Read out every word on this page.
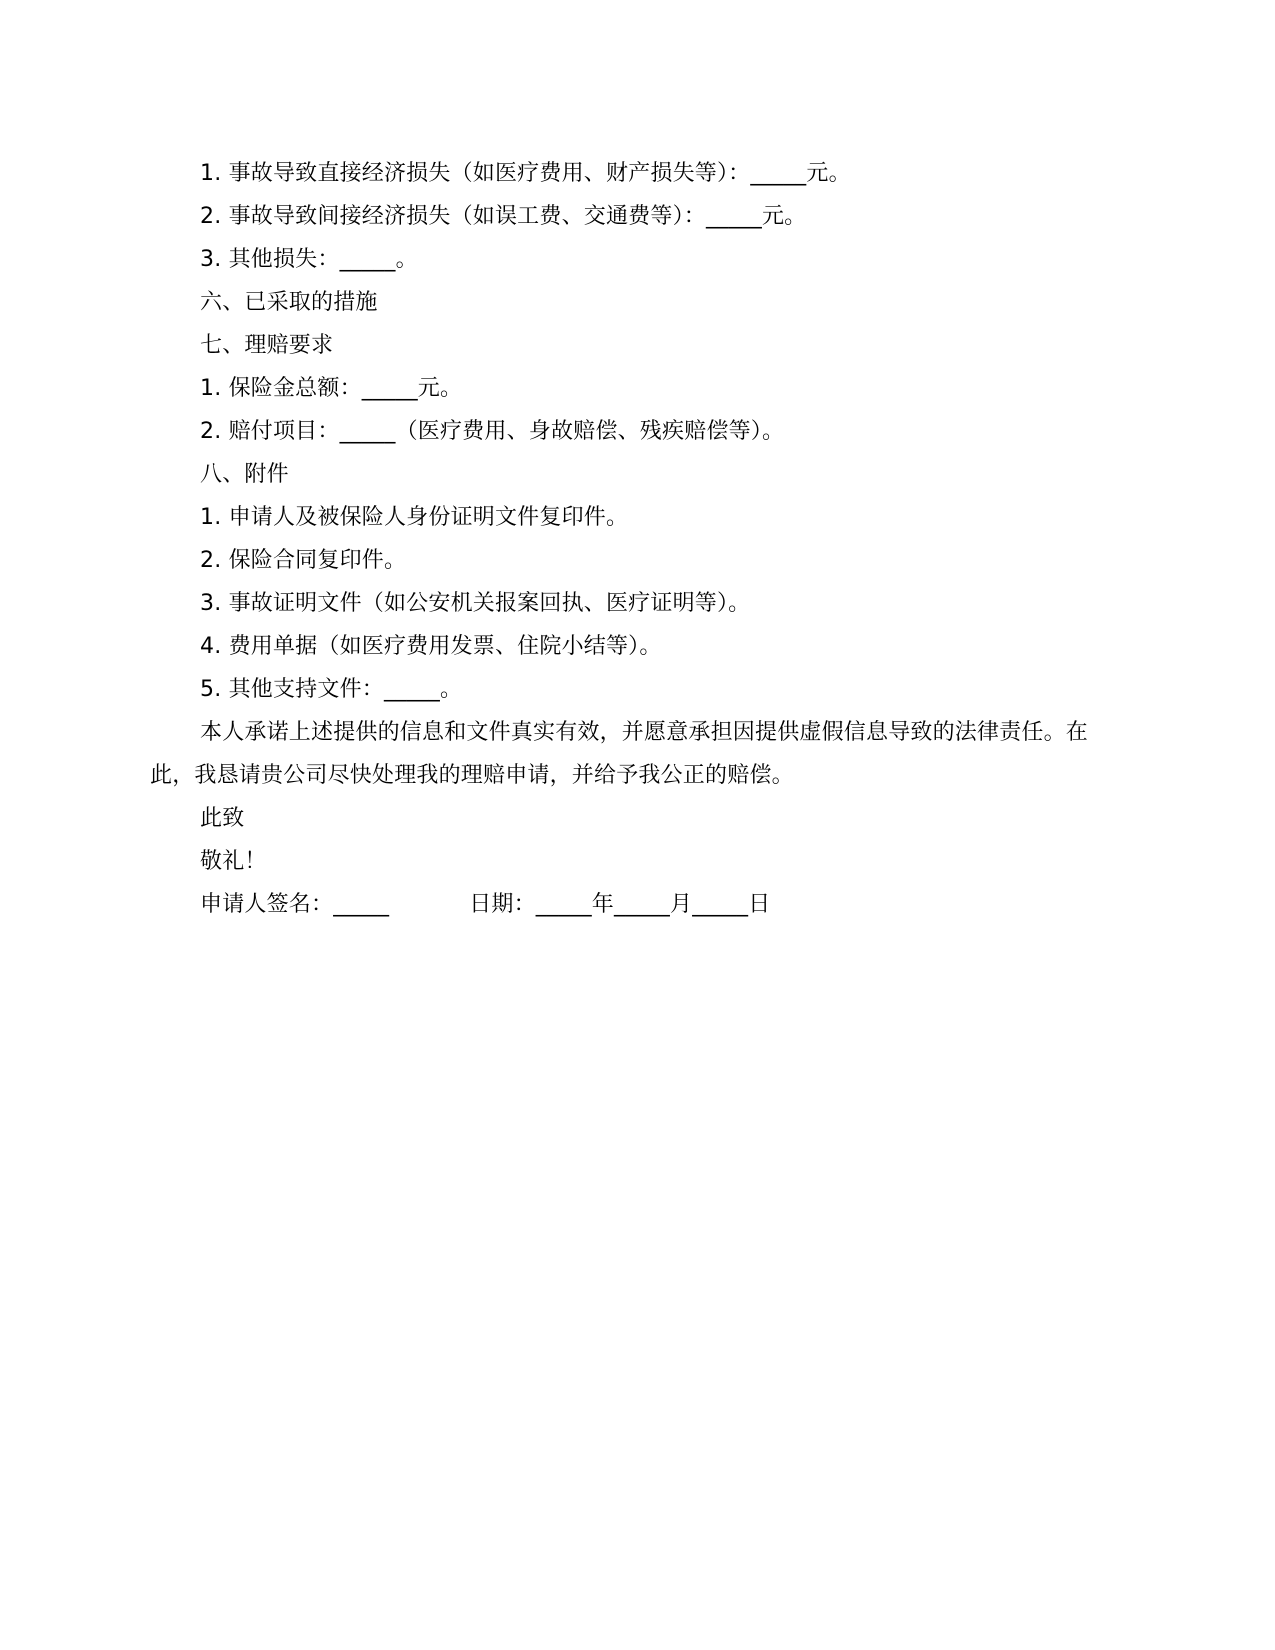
1. 事故导致直接经济损失（如医疗费用、财产损失等）：_____元。
2. 事故导致间接经济损失（如误工费、交通费等）：_____元。
3. 其他损失：_____。
六、已采取的措施
七、理赔要求
1. 保险金总额：_____元。
2. 赔付项目：_____（医疗费用、身故赔偿、残疾赔偿等）。
八、附件
1. 申请人及被保险人身份证明文件复印件。
2. 保险合同复印件。
3. 事故证明文件（如公安机关报案回执、医疗证明等）。
4. 费用单据（如医疗费用发票、住院小结等）。
5. 其他支持文件：_____。
本人承诺上述提供的信息和文件真实有效，并愿意承担因提供虚假信息导致的法律责任。在此，我恳请贵公司尽快处理我的理赔申请，并给予我公正的赔偿。
此致
敬礼！
申请人签名：_____	日期：_____年_____月_____日
